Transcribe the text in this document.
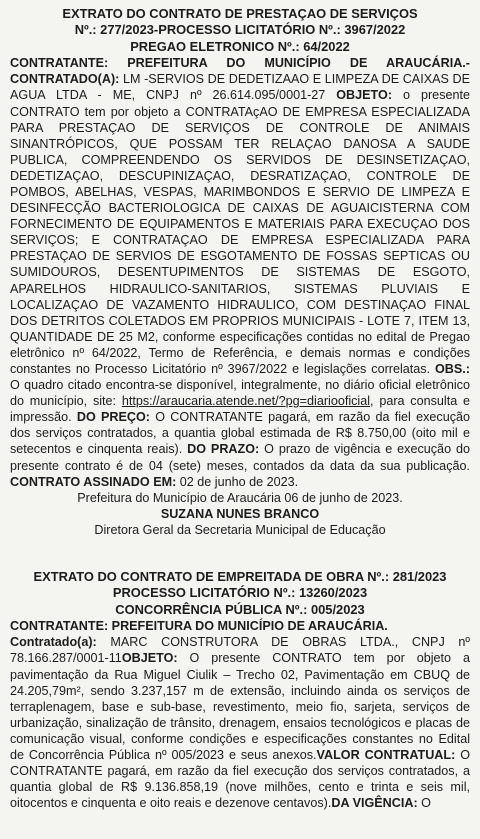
EXTRATO DO CONTRATO DE PRESTAÇAO DE SERVIÇOS
Nº.: 277/2023-PROCESSO LICITATÓRIO Nº.: 3967/2022
PREGAO ELETRONICO Nº.: 64/2022
CONTRATANTE: PREFEITURA DO MUNICÍPIO DE ARAUCÁRIA.- CONTRATADO(A): LM -SERVIOS DE DEDETIZAAO E LIMPEZA DE CAIXAS DE AGUA LTDA - ME, CNPJ nº 26.614.095/0001-27 OBJETO: o presente CONTRATO tem por objeto a CONTRATAçAO DE EMPRESA ESPECIALIZADA PARA PRESTAÇAO DE SERVIÇOS DE CONTROLE DE ANIMAIS SINANTRÓPICOS, QUE POSSAM TER RELAÇAO DANOSA A SAUDE PUBLICA, COMPREENDENDO OS SERVIDOS DE DESINSETIZAÇAO, DEDETIZAÇAO, DESCUPINIZAÇAO, DESRATIZAÇAO, CONTROLE DE POMBOS, ABELHAS, VESPAS, MARIMBONDOS E SERVIO DE LIMPEZA E DESINFECÇÃO BACTERIOLOGICA DE CAIXAS DE AGUAICISTERNA COM FORNECIMENTO DE EQUIPAMENTOS E MATERIAIS PARA EXECUÇAO DOS SERVIÇOS; E CONTRATAÇAO DE EMPRESA ESPECIALIZADA PARA PRESTAÇAO DE SERVIOS DE ESGOTAMENTO DE FOSSAS SEPTICAS OU SUMIDOUROS, DESENTUPIMENTOS DE SISTEMAS DE ESGOTO, APARELHOS HIDRAULICO-SANITARIOS, SISTEMAS PLUVIAIS E LOCALIZAÇAO DE VAZAMENTO HIDRAULICO, COM DESTINAÇAO FINAL DOS DETRITOS COLETADOS EM PROPRIOS MUNICIPAIS - LOTE 7, ITEM 13, QUANTIDADE DE 25 M2, conforme especificações contidas no edital de Pregao eletrônico nº 64/2022, Termo de Referência, e demais normas e condições constantes no Processo Licitatório nº 3967/2022 e legislações correlatas. OBS.: O quadro citado encontra-se disponível, integralmente, no diário oficial eletrônico do município, site: https://araucaria.atende.net/?pg=diariooficial, para consulta e impressão. DO PREÇO: O CONTRATANTE pagará, em razão da fiel execução dos serviços contratados, a quantia global estimada de R$ 8.750,00 (oito mil e setecentos e cinquenta reais). DO PRAZO: O prazo de vigência e execução do presente contrato é de 04 (sete) meses, contados da data da sua publicação. CONTRATO ASSINADO EM: 02 de junho de 2023.
Prefeitura do Município de Araucária 06 de junho de 2023.
SUZANA NUNES BRANCO
Diretora Geral da Secretaria Municipal de Educação
EXTRATO DO CONTRATO DE EMPREITADA DE OBRA Nº.: 281/2023
PROCESSO LICITATÓRIO Nº.: 13260/2023
CONCORRÊNCIA PÚBLICA Nº.: 005/2023
CONTRATANTE: PREFEITURA DO MUNICÍPIO DE ARAUCÁRIA.
Contratado(a): MARC CONSTRUTORA DE OBRAS LTDA., CNPJ nº 78.166.287/0001-11OBJETO: O presente CONTRATO tem por objeto a pavimentação da Rua Miguel Ciulik – Trecho 02, Pavimentação em CBUQ de 24.205,79m², sendo 3.237,157 m de extensão, incluindo ainda os serviços de terraplenagem, base e sub-base, revestimento, meio fio, sarjeta, serviços de urbanização, sinalização de trânsito, drenagem, ensaios tecnológicos e placas de comunicação visual, conforme condições e especificações constantes no Edital de Concorrência Pública nº 005/2023 e seus anexos.VALOR CONTRATUAL: O CONTRATANTE pagará, em razão da fiel execução dos serviços contratados, a quantia global de R$ 9.136.858,19 (nove milhões, cento e trinta e seis mil, oitocentos e cinquenta e oito reais e dezenove centavos).DA VIGÊNCIA: O
